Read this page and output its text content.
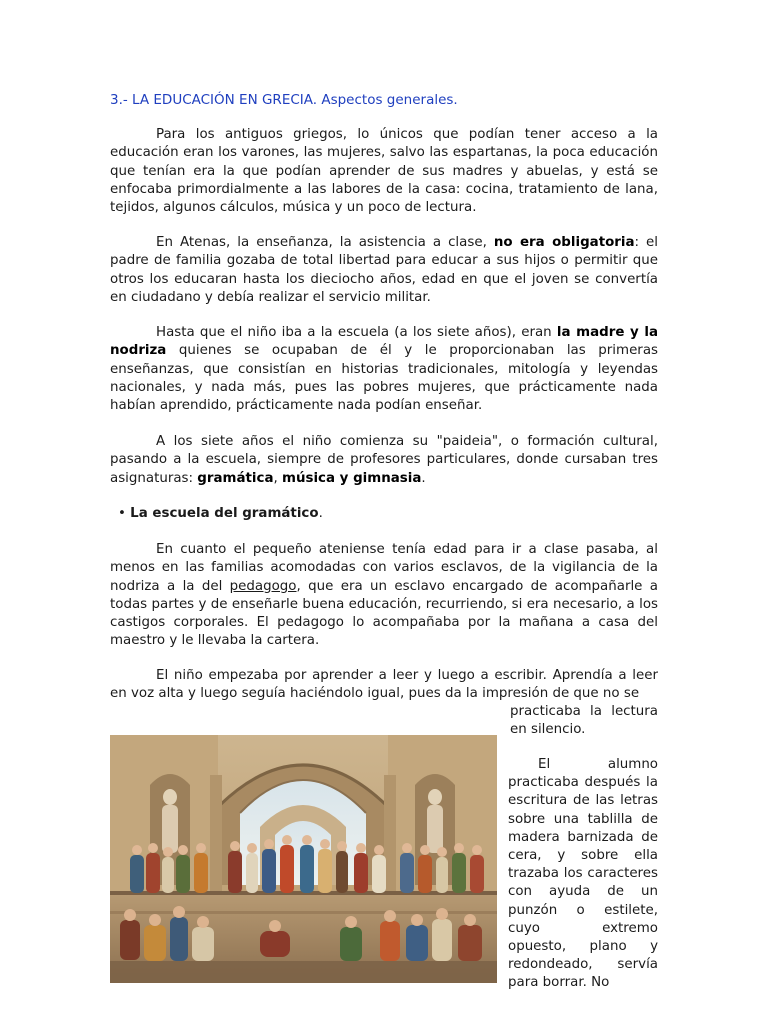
3.- LA EDUCACIÓN EN GRECIA. Aspectos generales.

Para los antiguos griegos, lo únicos que podían tener acceso a la educación eran los varones, las mujeres, salvo las espartanas, la poca educación que tenían era la que podían aprender de sus madres y abuelas, y está se enfocaba primordialmente a las labores de la casa: cocina, tratamiento de lana, tejidos, algunos cálculos, música y un poco de lectura.

En Atenas, la enseñanza, la asistencia a clase, no era obligatoria: el padre de familia gozaba de total libertad para educar a sus hijos o permitir que otros los educaran hasta los dieciocho años, edad en que el joven se convertía en ciudadano y debía realizar el servicio militar.

Hasta que el niño iba a la escuela (a los siete años), eran la madre y la nodriza quienes se ocupaban de él y le proporcionaban las primeras enseñanzas, que consistían en historias tradicionales, mitología y leyendas nacionales, y nada más, pues las pobres mujeres, que prácticamente nada habían aprendido, prácticamente nada podían enseñar.

A los siete años el niño comienza su "paideia", o formación cultural, pasando a la escuela, siempre de profesores particulares, donde cursaban tres asignaturas: gramática, música y gimnasia.

• La escuela del gramático.

En cuanto el pequeño ateniense tenía edad para ir a clase pasaba, al menos en las familias acomodadas con varios esclavos, de la vigilancia de la nodriza a la del pedagogo, que era un esclavo encargado de acompañarle a todas partes y de enseñarle buena educación, recurriendo, si era necesario, a los castigos corporales. El pedagogo lo acompañaba por la mañana a casa del maestro y le llevaba la cartera.

El niño empezaba por aprender a leer y luego a escribir. Aprendía a leer en voz alta y luego seguía haciéndolo igual, pues da la impresión de que no se

practicaba la lectura en silencio.

El alumno practicaba después la escritura de las letras sobre una tablilla de madera barnizada de cera, y sobre ella trazaba los caracteres con ayuda de un punzón o estilete, cuyo extremo opuesto, plano y redondeado, servía para borrar. No
